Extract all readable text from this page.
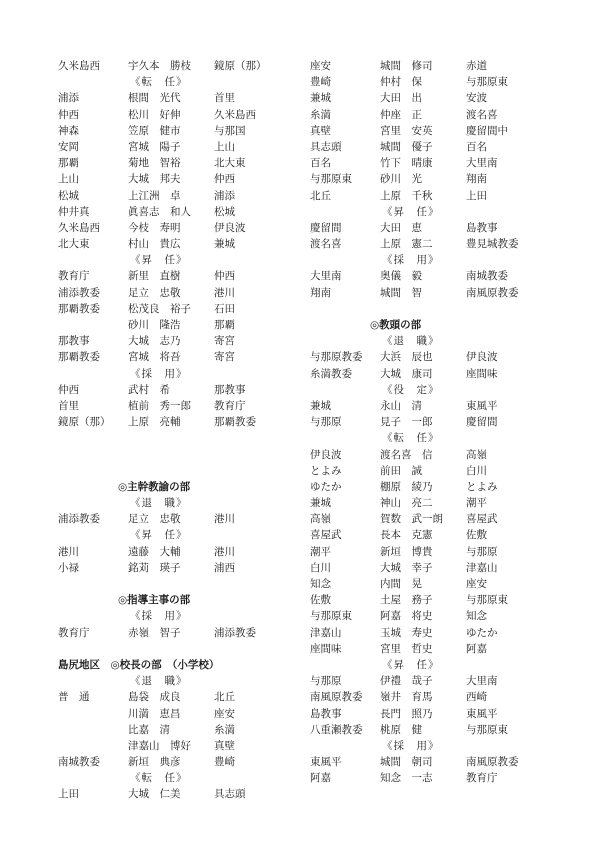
久米島西	宇久本　勝枝 鏡原（那）
《転　任》
浦添	根間　光代	首里
仲西	松川　好伸	久米島西
神森	笠原　健市	与那国
安岡	宮城　陽子	上山
那覇	菊地　智裕	北大東
上山	大城　邦夫	仲西
松城	上江洲　卓	浦添
仲井真	眞喜志　和人 松城
久米島西	今枝　寿明	伊良波
北大東	村山　貴広	兼城
《昇　任》
教育庁	新里　直樹	仲西
浦添教委	足立　忠敬	港川
那覇教委	松茂良　裕子 石田
砂川　隆浩	那覇
那教事	大城　志乃	寄宮
那覇教委	宮城　将吾	寄宮
《採　用》
仲西	武村　希	那教事
首里	植前　秀一郎 教育庁
鏡原（那） 上原　亮輔	那覇教委
◎主幹教諭の部
《退　職》
浦添教委	足立　忠敬	港川
《昇　任》
港川	遠藤　大輔	港川
小禄	銘苅　瑛子	浦西
◎指導主事の部
《採　用》
教育庁	赤嶺　智子	浦添教委
島尻地区　◎校長の部　（小学校）
《退　職》
普　通	島袋　成良	北丘
川満　恵昌	座安
比嘉　清	糸満
津嘉山　博好 真壁
南城教委	新垣　典彦	豊崎
《転　任》
上田	大城　仁美	具志頭
座安	城間　修司	赤道
豊崎	仲村　保	与那原東
兼城	大田　出	安波
糸満	仲座　正	渡名喜
真壁	宮里　安英	慶留間中
具志頭	城間　優子	百名
百名	竹下　晴康	大里南
与那原東	砂川　光	翔南
北丘	上原　千秋	上田
《昇　任》
慶留間	大田　恵	島教事
渡名喜	上原　憲二	豊見城教委
《採　用》
大里南	奥儀　毅	南城教委
翔南	城間　智	南風原教委
◎教頭の部
《退　職》
与那原教委 大浜　辰也	伊良波
糸満教委	大城　康司	座間味
《役　定》
兼城	永山　清	東風平
与那原	見子　一郎	慶留間
《転　任》
伊良波	渡名喜　信	高嶺
とよみ	前田　誠	白川
ゆたか	棚原　綾乃	とよみ
兼城	神山　亮二	潮平
高嶺	賀数　武一朗 喜屋武
喜屋武	長本　克憲	佐敷
潮平	新垣　博貴	与那原
白川	大城　幸子	津嘉山
知念	内間　晃	座安
佐敷	土屋　務子	与那原東
与那原東	阿嘉　将史	知念
津嘉山	玉城　寿史	ゆたか
座間味	宮里　哲史	阿嘉
《昇　任》
与那原	伊禮　哉子	大里南
南風原教委 嶺井　育馬	西崎
島教事	長門　照乃	東風平
八重瀬教委 桃原　健	与那原東
《採　用》
東風平	城間　朝司	南風原教委
阿嘉	知念　一志	教育庁
